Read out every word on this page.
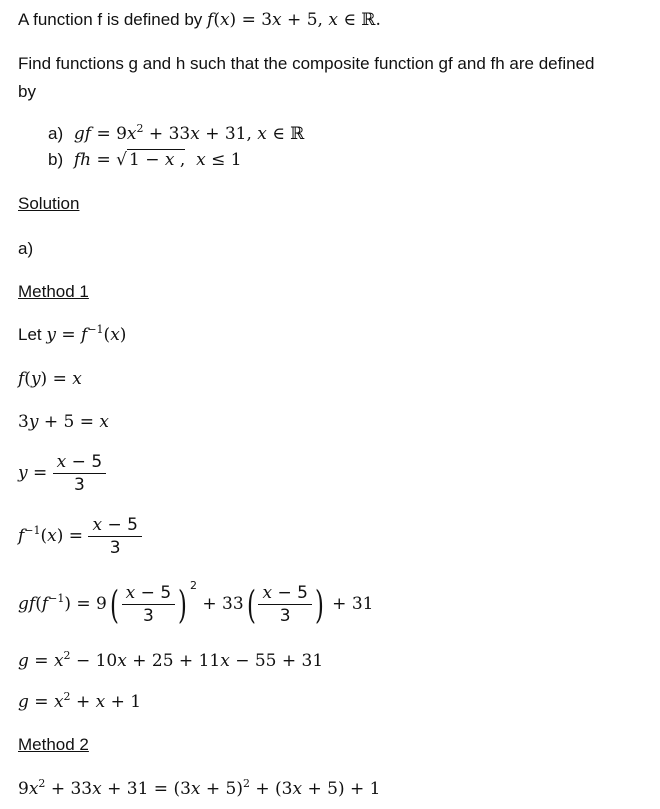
A function f is defined by f(x) = 3x + 5, x ∈ ℝ.
Find functions g and h such that the composite function gf and fh are defined
by
a) gf = $9x^2 + 33x + 31$, x ∈ ℝ
b) fh = √ 1 − x , x ≤ 1
Solution
a)
Method 1
Let $y = f^{-1}(x)$
f(y) = x
3y + 5 = x
$y = \frac{x - 5}{3}$
$f^{-1}(x) = \frac{x - 5}{3}$
$gf(f^{-1}) = 9( \frac{x - 5}{3}$ ) $^2 + 33( \frac{x - 5}{3}$ ) + 31
$g = x^2 - 10x + 25 + 11x - 55 + 31$
$g = x^2 + x + 1$
Method 2
$9x^2 + 33x + 31 = (3x + 5)^2 + (3x + 5) + 1$
